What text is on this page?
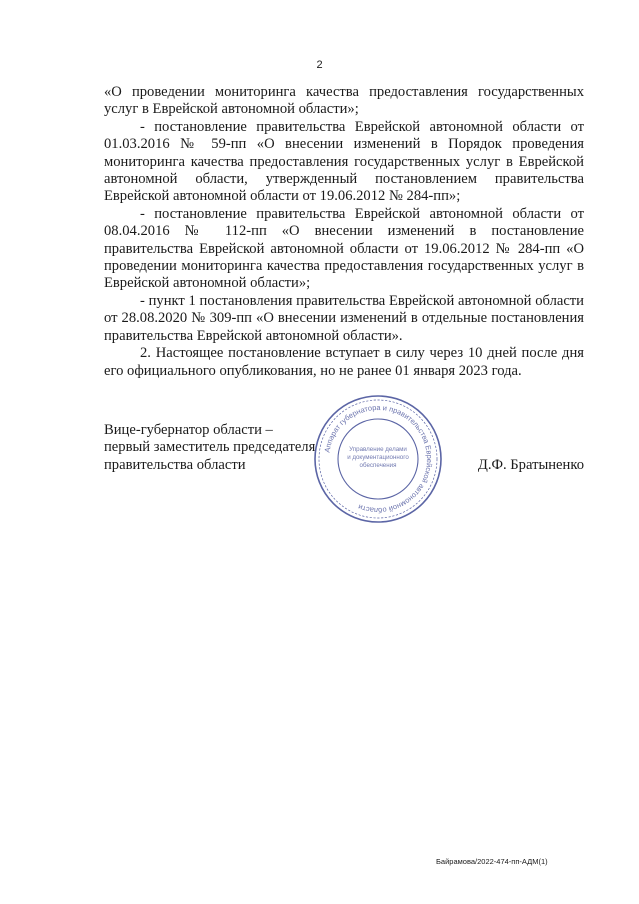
2

«О проведении мониторинга качества предоставления государственных услуг в Еврейской автономной области»;

- постановление правительства Еврейской автономной области от 01.03.2016 № 59-пп «О внесении изменений в Порядок проведения мониторинга качества предоставления государственных услуг в Еврейской автономной области, утвержденный постановлением правительства Еврейской автономной области от 19.06.2012 № 284-пп»;

- постановление правительства Еврейской автономной области от 08.04.2016 № 112-пп «О внесении изменений в постановление правительства Еврейской автономной области от 19.06.2012 № 284-пп «О проведении мониторинга качества предоставления государственных услуг в Еврейской автономной области»;

- пункт 1 постановления правительства Еврейской автономной области от 28.08.2020 № 309-пп «О внесении изменений в отдельные постановления правительства Еврейской автономной области».

2. Настоящее постановление вступает в силу через 10 дней после дня его официального опубликования, но не ранее 01 января 2023 года.

Вице-губернатор области –
первый заместитель председателя
правительства области	Д.Ф. Братыненко
Аппарат губернатора и правительства Еврейской автономной области
Управление делами и документационного обеспечения
Байрамова/2022-474-пп-АДМ(1)
